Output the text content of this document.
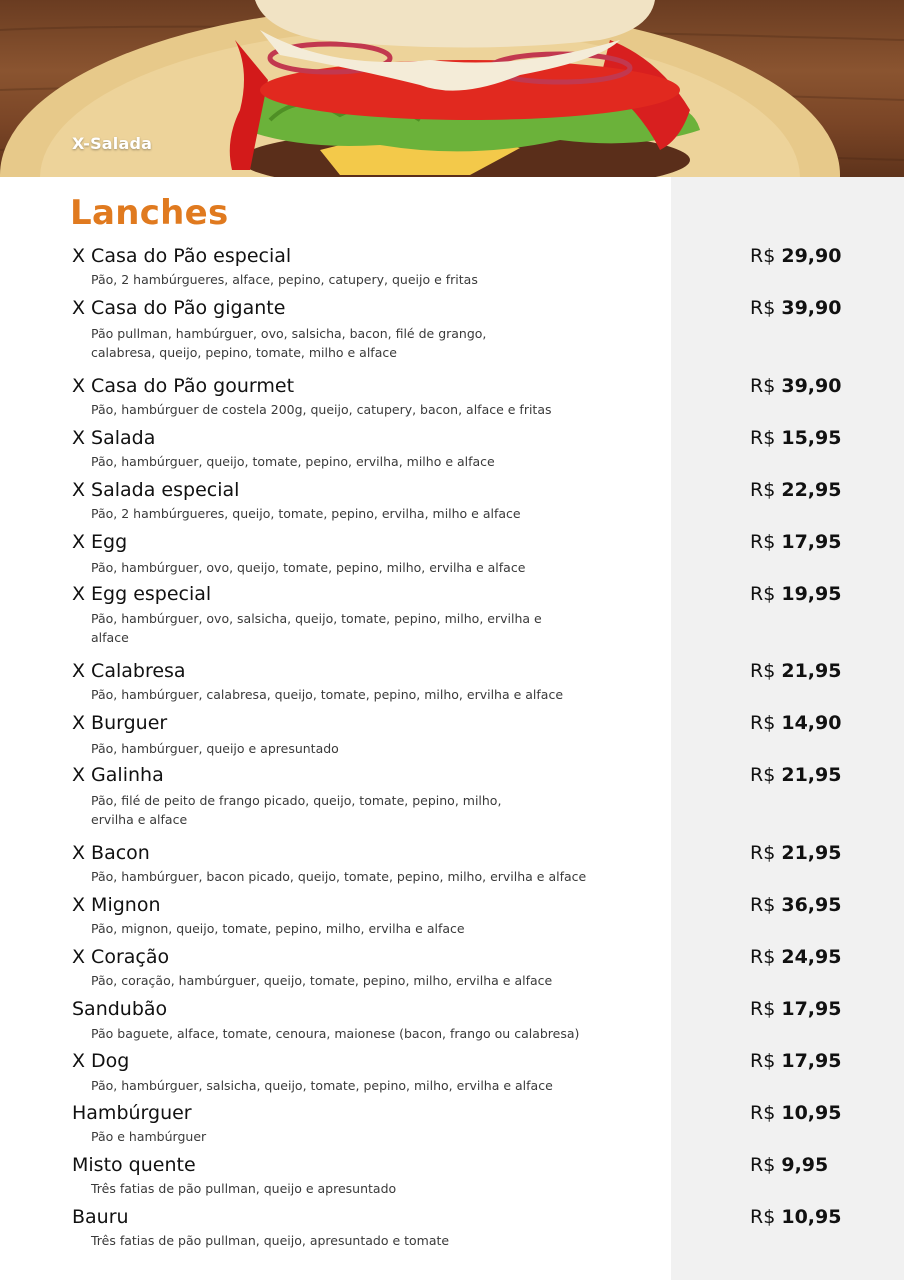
X-Salada
Lanches
X Casa do Pão especial
Pão, 2 hambúrgueres, alface, pepino, catupery, queijo e fritas
R$ 29,90
X Casa do Pão gigante
Pão pullman, hambúrguer, ovo, salsicha, bacon, filé de grango, calabresa, queijo, pepino, tomate, milho e alface
R$ 39,90
X Casa do Pão gourmet
Pão, hambúrguer de costela 200g, queijo, catupery, bacon, alface e fritas
R$ 39,90
X Salada
Pão, hambúrguer, queijo, tomate, pepino, ervilha, milho e alface
R$ 15,95
X Salada especial
Pão, 2 hambúrgueres, queijo, tomate, pepino, ervilha, milho e alface
R$ 22,95
X Egg
Pão, hambúrguer, ovo, queijo, tomate, pepino, milho, ervilha e alface
R$ 17,95
X Egg especial
Pão, hambúrguer, ovo, salsicha, queijo, tomate, pepino, milho, ervilha e alface
R$ 19,95
X Calabresa
Pão, hambúrguer, calabresa, queijo, tomate, pepino, milho, ervilha e alface
R$ 21,95
X Burguer
Pão, hambúrguer, queijo e apresuntado
R$ 14,90
X Galinha
Pão, filé de peito de frango picado, queijo, tomate, pepino, milho, ervilha e alface
R$ 21,95
X Bacon
Pão, hambúrguer, bacon picado, queijo, tomate, pepino, milho, ervilha e alface
R$ 21,95
X Mignon
Pão, mignon, queijo, tomate, pepino, milho, ervilha e alface
R$ 36,95
X Coração
Pão, coração, hambúrguer, queijo, tomate, pepino, milho, ervilha e alface
R$ 24,95
Sandubão
Pão baguete, alface, tomate, cenoura, maionese (bacon, frango ou calabresa)
R$ 17,95
X Dog
Pão, hambúrguer, salsicha, queijo, tomate, pepino, milho, ervilha e alface
R$ 17,95
Hambúrguer
Pão e hambúrguer
R$ 10,95
Misto quente
Três fatias de pão pullman, queijo e apresuntado
R$ 9,95
Bauru
Três fatias de pão pullman, queijo, apresuntado e tomate
R$ 10,95
